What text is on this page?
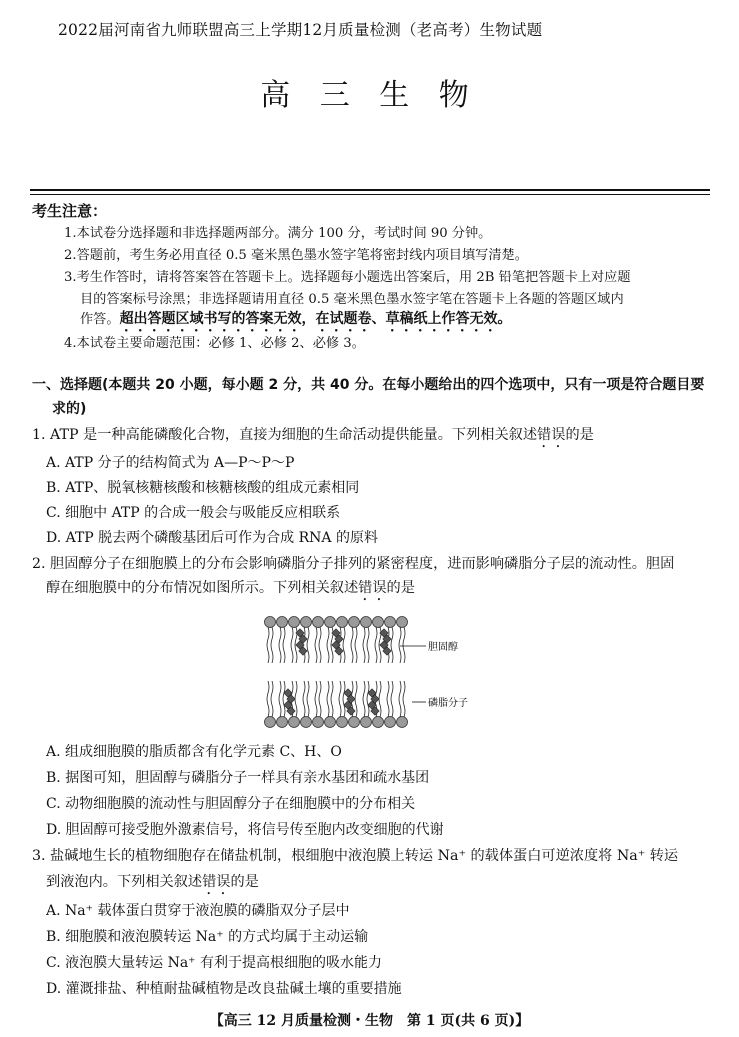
2022届河南省九师联盟高三上学期12月质量检测（老高考）生物试题
高 三 生 物
考生注意：
1.本试卷分选择题和非选择题两部分。满分 100 分，考试时间 90 分钟。
2.答题前，考生务必用直径 0.5 毫米黑色墨水签字笔将密封线内项目填写清楚。
3.考生作答时，请将答案答在答题卡上。选择题每小题选出答案后，用 2B 铅笔把答题卡上对应题
目的答案标号涂黑；非选择题请用直径 0.5 毫米黑色墨水签字笔在答题卡上各题的答题区域内
作答。超出答题区域书写的答案无效，在试题卷、草稿纸上作答无效。
4.本试卷主要命题范围：必修 1、必修 2、必修 3。
一、选择题(本题共 20 小题，每小题 2 分，共 40 分。在每小题给出的四个选项中，只有一项是符合题目要
求的)
1. ATP 是一种高能磷酸化合物，直接为细胞的生命活动提供能量。下列相关叙述错误的是
A. ATP 分子的结构简式为 A—P～P～P
B. ATP、脱氧核糖核酸和核糖核酸的组成元素相同
C. 细胞中 ATP 的合成一般会与吸能反应相联系
D. ATP 脱去两个磷酸基团后可作为合成 RNA 的原料
2. 胆固醇分子在细胞膜上的分布会影响磷脂分子排列的紧密程度，进而影响磷脂分子层的流动性。胆固
醇在细胞膜中的分布情况如图所示。下列相关叙述错误的是
胆固醇
磷脂分子
A. 组成细胞膜的脂质都含有化学元素 C、H、O
B. 据图可知，胆固醇与磷脂分子一样具有亲水基团和疏水基团
C. 动物细胞膜的流动性与胆固醇分子在细胞膜中的分布相关
D. 胆固醇可接受胞外激素信号，将信号传至胞内改变细胞的代谢
3. 盐碱地生长的植物细胞存在储盐机制，根细胞中液泡膜上转运 Na⁺ 的载体蛋白可逆浓度将 Na⁺ 转运
到液泡内。下列相关叙述错误的是
A. Na⁺ 载体蛋白贯穿于液泡膜的磷脂双分子层中
B. 细胞膜和液泡膜转运 Na⁺ 的方式均属于主动运输
C. 液泡膜大量转运 Na⁺ 有利于提高根细胞的吸水能力
D. 灌溉排盐、种植耐盐碱植物是改良盐碱土壤的重要措施
【高三 12 月质量检测・生物　第 1 页(共 6 页)】
